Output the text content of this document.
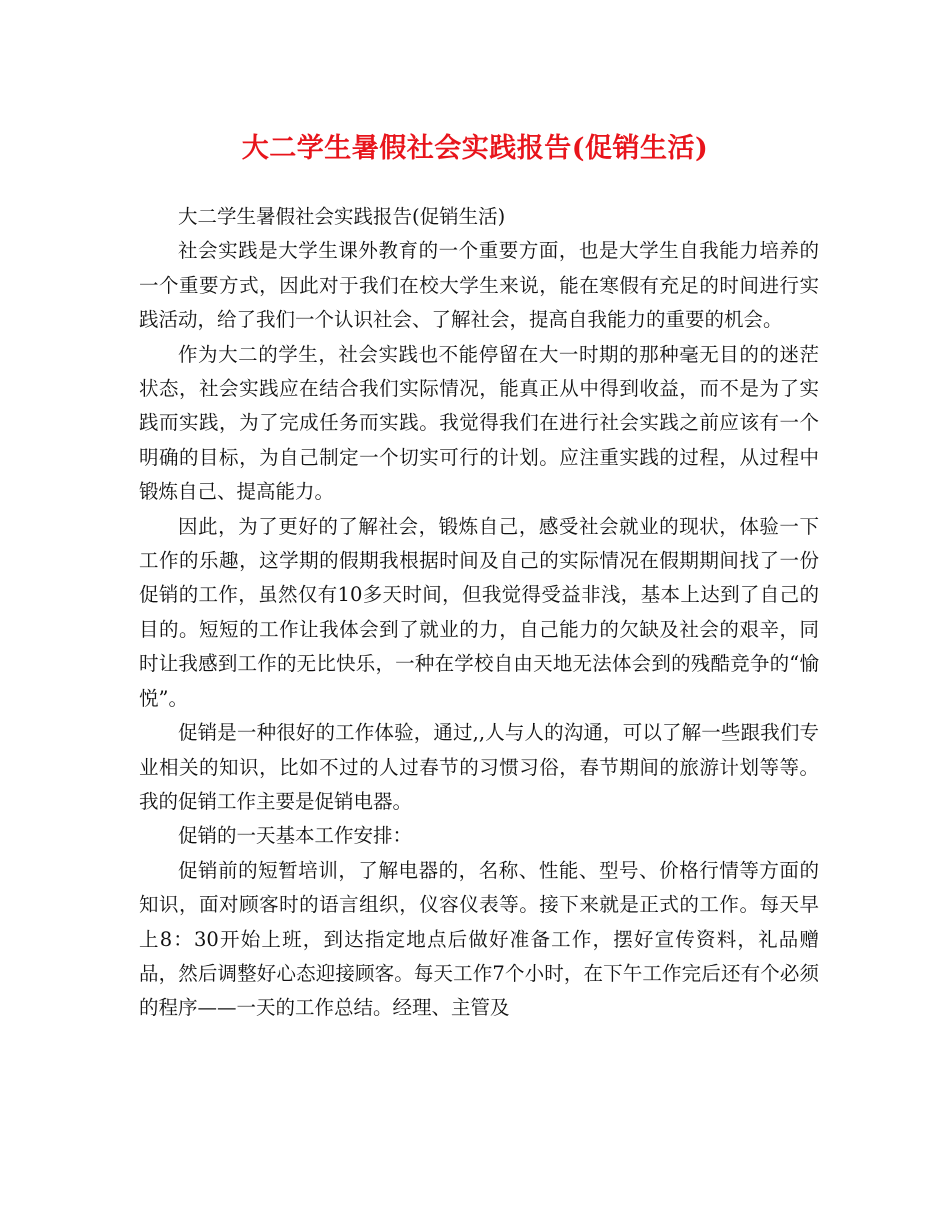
大二学生暑假社会实践报告(促销生活)

大二学生暑假社会实践报告(促销生活)

社会实践是大学生课外教育的一个重要方面，也是大学生自我能力培养的一个重要方式，因此对于我们在校大学生来说，能在寒假有充足的时间进行实践活动，给了我们一个认识社会、了解社会，提高自我能力的重要的机会。

作为大二的学生，社会实践也不能停留在大一时期的那种毫无目的的迷茫状态，社会实践应在结合我们实际情况，能真正从中得到收益，而不是为了实践而实践，为了完成任务而实践。我觉得我们在进行社会实践之前应该有一个明确的目标，为自己制定一个切实可行的计划。应注重实践的过程，从过程中锻炼自己、提高能力。

因此，为了更好的了解社会，锻炼自己，感受社会就业的现状，体验一下工作的乐趣，这学期的假期我根据时间及自己的实际情况在假期期间找了一份促销的工作，虽然仅有10多天时间，但我觉得受益非浅，基本上达到了自己的目的。短短的工作让我体会到了就业的力，自己能力的欠缺及社会的艰辛，同时让我感到工作的无比快乐，一种在学校自由天地无法体会到的残酷竞争的“愉悦”。

促销是一种很好的工作体验，通过,,人与人的沟通，可以了解一些跟我们专业相关的知识，比如不过的人过春节的习惯习俗，春节期间的旅游计划等等。我的促销工作主要是促销电器。

促销的一天基本工作安排：

促销前的短暂培训，了解电器的，名称、性能、型号、价格行情等方面的知识，面对顾客时的语言组织，仪容仪表等。接下来就是正式的工作。每天早上8：30开始上班，到达指定地点后做好准备工作，摆好宣传资料，礼品赠品，然后调整好心态迎接顾客。每天工作7个小时，在下午工作完后还有个必须的程序——一天的工作总结。经理、主管及
